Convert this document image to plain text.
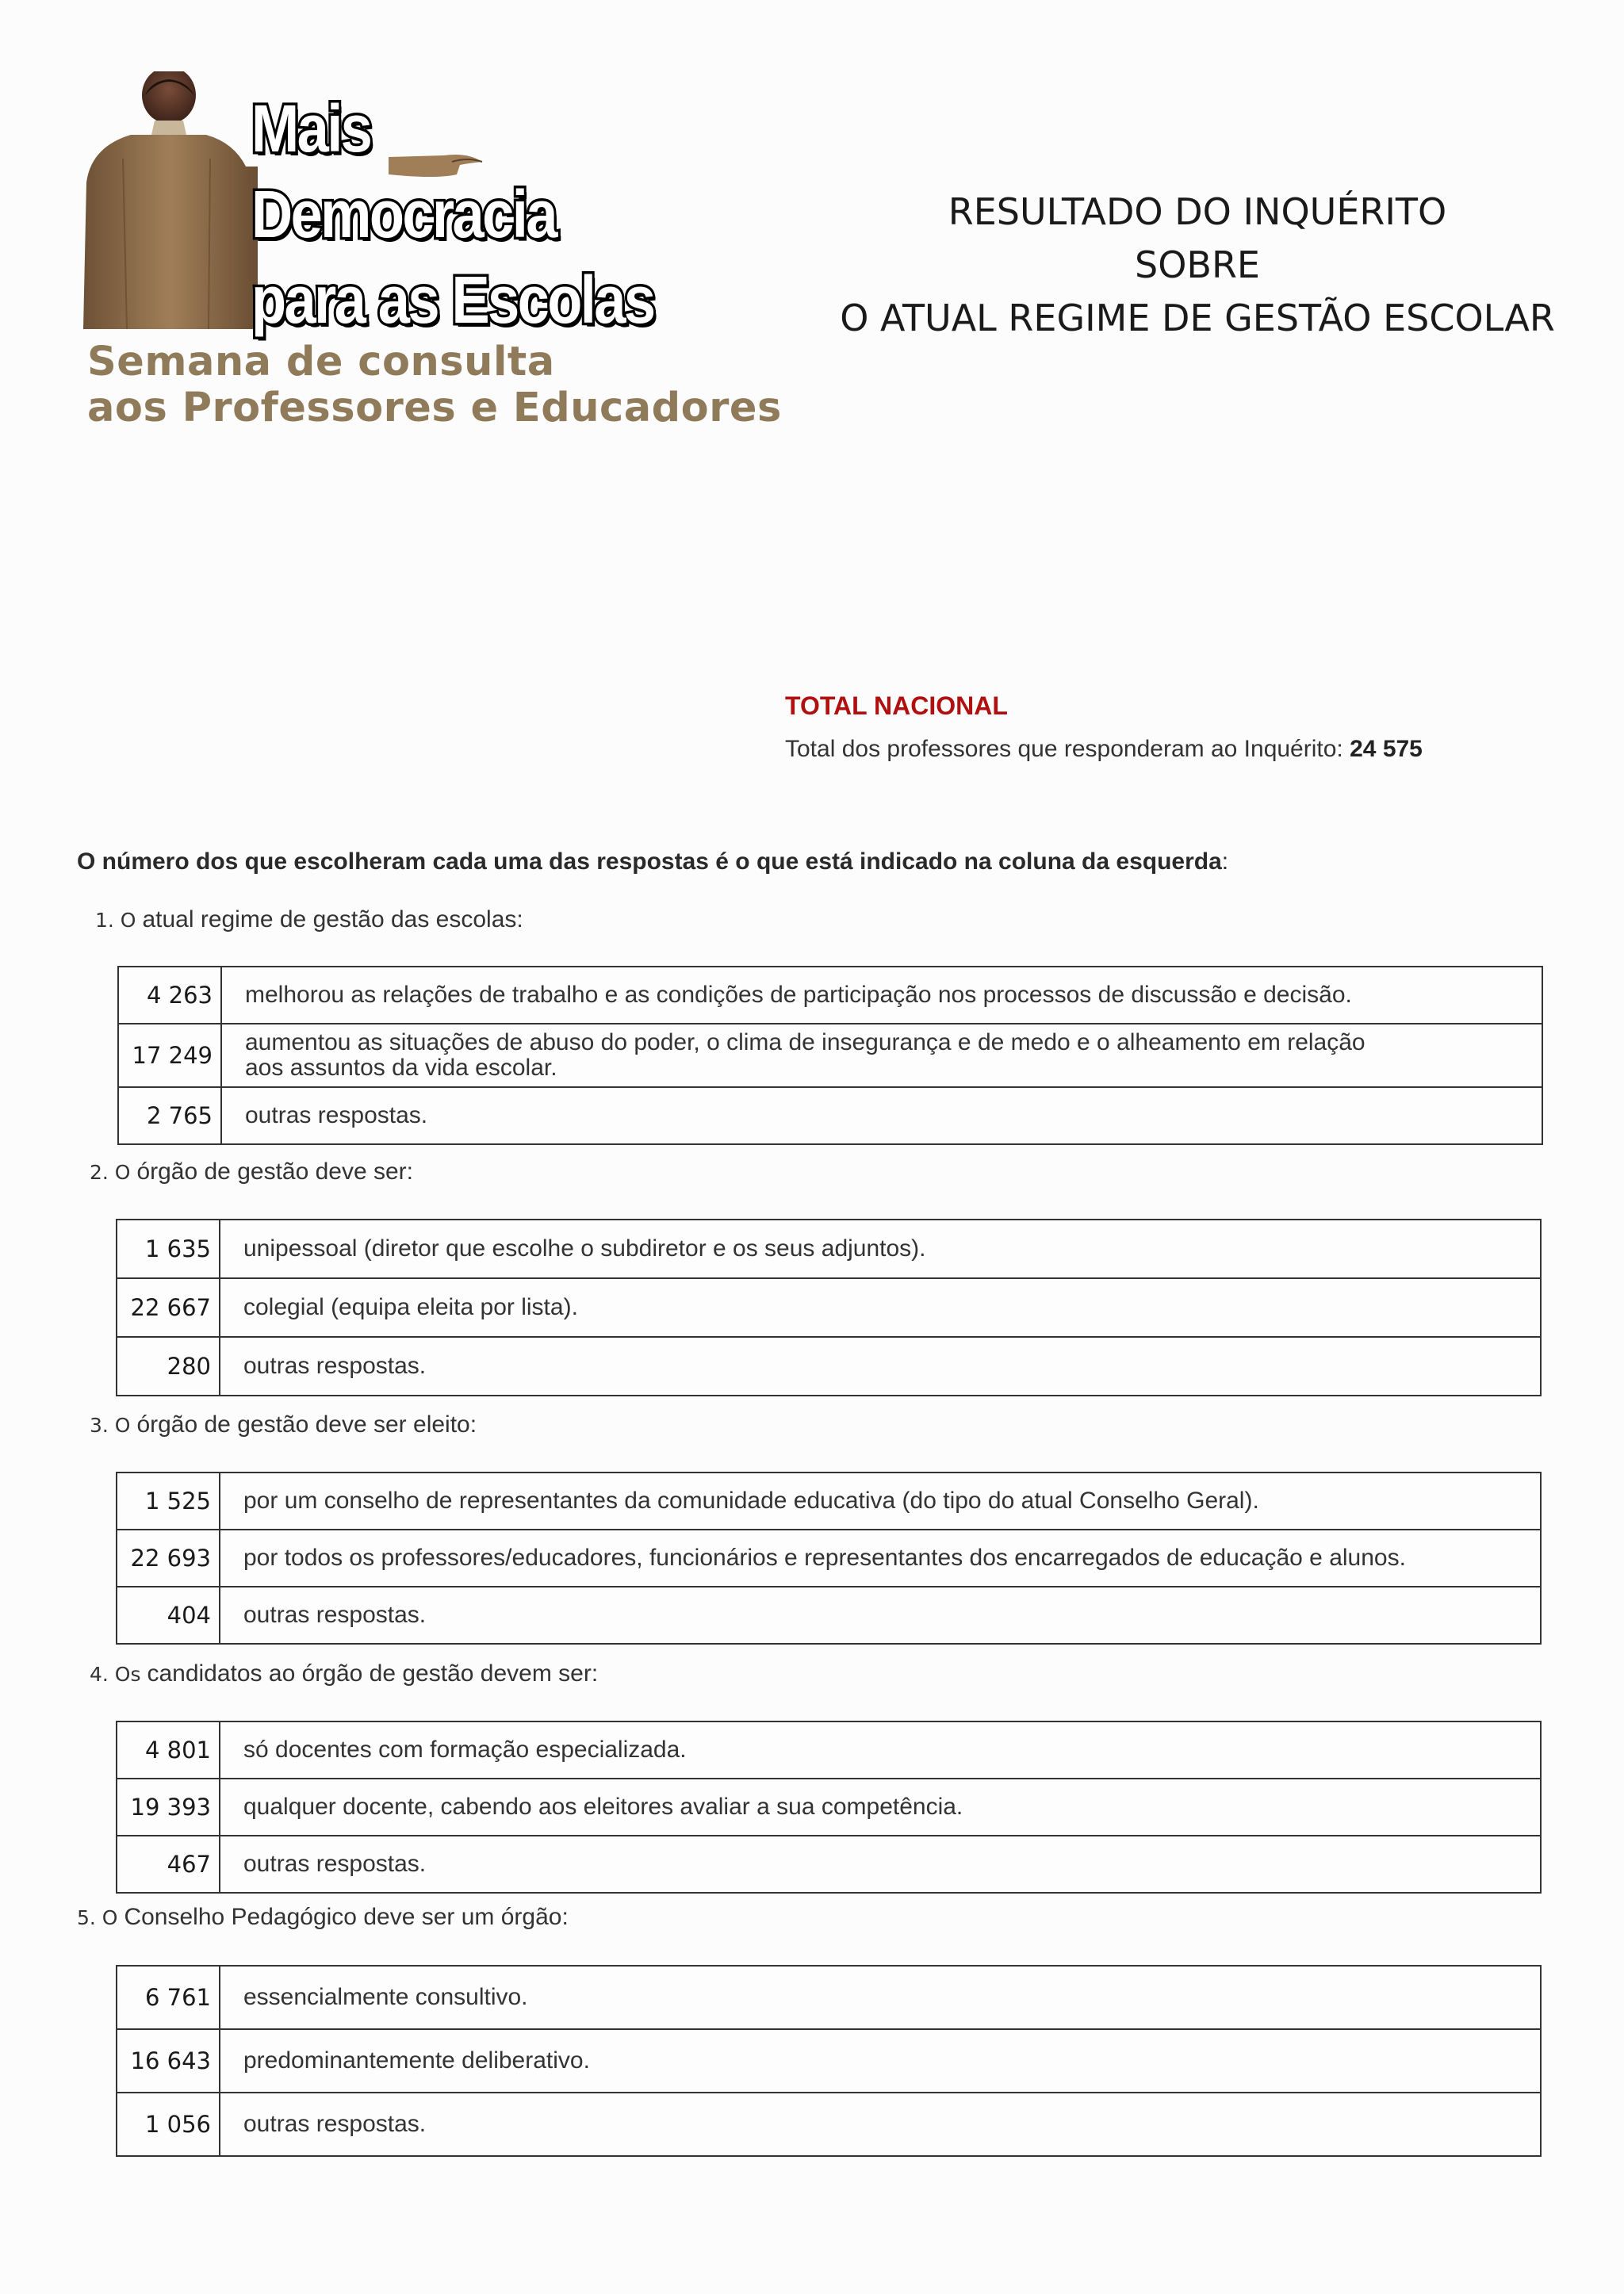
Mais
Democracia
para as Escolas
Semana de consulta
aos Professores e Educadores
RESULTADO DO INQUÉRITO
SOBRE
O ATUAL REGIME DE GESTÃO ESCOLAR
TOTAL NACIONAL
Total dos professores que responderam ao Inquérito: 24 575
O número dos que escolheram cada uma das respostas é o que está indicado na coluna da esquerda:
1. O atual regime de gestão das escolas:
4 263	melhorou as relações de trabalho e as condições de participação nos processos de discussão e decisão.
17 249	aumentou as situações de abuso do poder, o clima de insegurança e de medo e o alheamento em relação
aos assuntos da vida escolar.
2 765	outras respostas.
2. O órgão de gestão deve ser:
1 635	unipessoal (diretor que escolhe o subdiretor e os seus adjuntos).
22 667	colegial (equipa eleita por lista).
280	outras respostas.
3. O órgão de gestão deve ser eleito:
1 525	por um conselho de representantes da comunidade educativa (do tipo do atual Conselho Geral).
22 693	por todos os professores/educadores, funcionários e representantes dos encarregados de educação e alunos.
404	outras respostas.
4. Os candidatos ao órgão de gestão devem ser:
4 801	só docentes com formação especializada.
19 393	qualquer docente, cabendo aos eleitores avaliar a sua competência.
467	outras respostas.
5. O Conselho Pedagógico deve ser um órgão:
6 761	essencialmente consultivo.
16 643	predominantemente deliberativo.
1 056	outras respostas.
